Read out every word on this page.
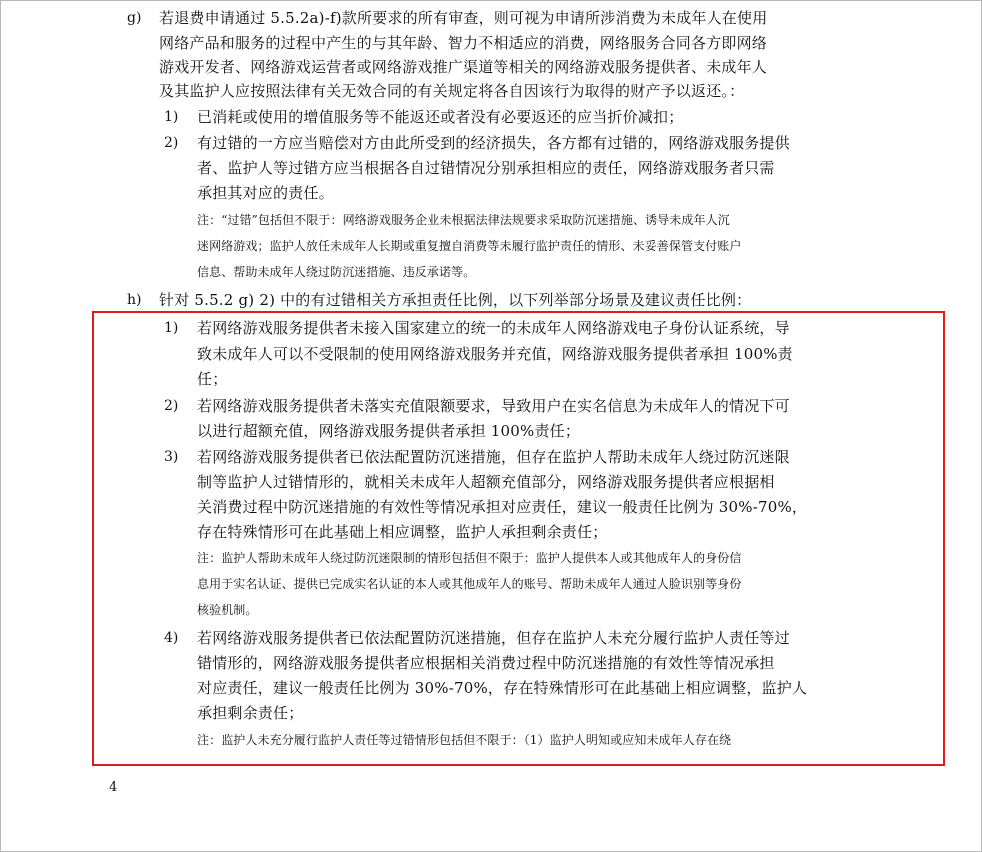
g) 若退费申请通过 5.5.2a)-f)款所要求的所有审查，则可视为申请所涉消费为未成年人在使用
网络产品和服务的过程中产生的与其年龄、智力不相适应的消费，网络服务合同各方即网络
游戏开发者、网络游戏运营者或网络游戏推广渠道等相关的网络游戏服务提供者、未成年人
及其监护人应按照法律有关无效合同的有关规定将各自因该行为取得的财产予以返还。：
1) 已消耗或使用的增值服务等不能返还或者没有必要返还的应当折价减扣；
2) 有过错的一方应当赔偿对方由此所受到的经济损失，各方都有过错的，网络游戏服务提供
者、监护人等过错方应当根据各自过错情况分别承担相应的责任，网络游戏服务者只需
承担其对应的责任。
注：“过错”包括但不限于：网络游戏服务企业未根据法律法规要求采取防沉迷措施、诱导未成年人沉
迷网络游戏；监护人放任未成年人长期或重复擅自消费等未履行监护责任的情形、未妥善保管支付账户
信息、帮助未成年人绕过防沉迷措施、违反承诺等。
h) 针对 5.5.2 g) 2) 中的有过错相关方承担责任比例，以下列举部分场景及建议责任比例：
1) 若网络游戏服务提供者未接入国家建立的统一的未成年人网络游戏电子身份认证系统，导
致未成年人可以不受限制的使用网络游戏服务并充值，网络游戏服务提供者承担 100%责
任；
2) 若网络游戏服务提供者未落实充值限额要求，导致用户在实名信息为未成年人的情况下可
以进行超额充值，网络游戏服务提供者承担 100%责任；
3) 若网络游戏服务提供者已依法配置防沉迷措施，但存在监护人帮助未成年人绕过防沉迷限
制等监护人过错情形的，就相关未成年人超额充值部分，网络游戏服务提供者应根据相
关消费过程中防沉迷措施的有效性等情况承担对应责任，建议一般责任比例为 30%-70%，
存在特殊情形可在此基础上相应调整，监护人承担剩余责任；
注：监护人帮助未成年人绕过防沉迷限制的情形包括但不限于：监护人提供本人或其他成年人的身份信
息用于实名认证、提供已完成实名认证的本人或其他成年人的账号、帮助未成年人通过人脸识别等身份
核验机制。
4) 若网络游戏服务提供者已依法配置防沉迷措施，但存在监护人未充分履行监护人责任等过
错情形的，网络游戏服务提供者应根据相关消费过程中防沉迷措施的有效性等情况承担
对应责任，建议一般责任比例为 30%-70%，存在特殊情形可在此基础上相应调整，监护人
承担剩余责任；
注：监护人未充分履行监护人责任等过错情形包括但不限于：（1）监护人明知或应知未成年人存在绕
4
